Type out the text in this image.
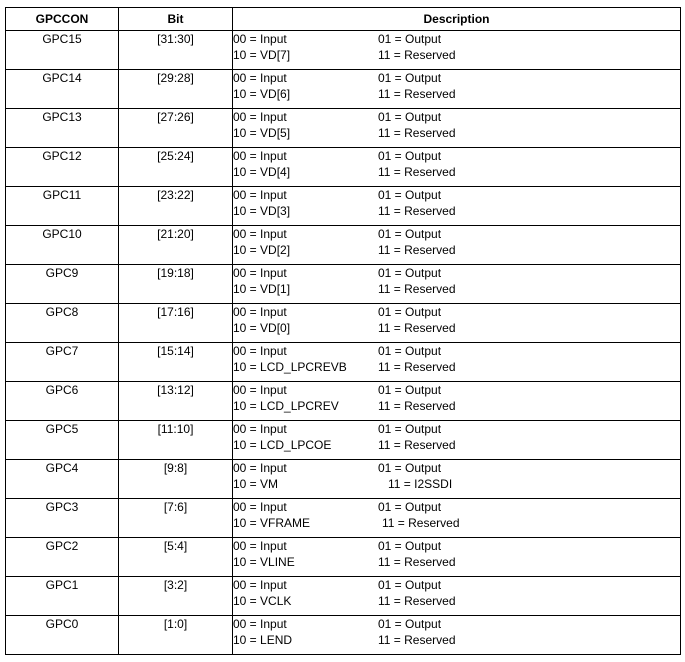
GPCCON	Bit	Description
GPC15	[31:30]	00 = Input 01 = Output
10 = VD[7] 11 = Reserved

GPC14	[29:28]	00 = Input 01 = Output
10 = VD[6] 11 = Reserved

GPC13	[27:26]	00 = Input 01 = Output
10 = VD[5] 11 = Reserved

GPC12	[25:24]	00 = Input 01 = Output
10 = VD[4] 11 = Reserved

GPC11	[23:22]	00 = Input 01 = Output
10 = VD[3] 11 = Reserved

GPC10	[21:20]	00 = Input 01 = Output
10 = VD[2] 11 = Reserved

GPC9	[19:18]	00 = Input 01 = Output
10 = VD[1] 11 = Reserved

GPC8	[17:16]	00 = Input 01 = Output
10 = VD[0] 11 = Reserved

GPC7	[15:14]	00 = Input 01 = Output
10 = LCD_LPCREVB 11 = Reserved

GPC6	[13:12]	00 = Input 01 = Output
10 = LCD_LPCREV 11 = Reserved

GPC5	[11:10]	00 = Input 01 = Output
10 = LCD_LPCOE 11 = Reserved

GPC4	[9:8]	00 = Input 01 = Output
10 = VM 11 = I2SSDI

GPC3	[7:6]	00 = Input 01 = Output
10 = VFRAME 11 = Reserved

GPC2	[5:4]	00 = Input 01 = Output
10 = VLINE 11 = Reserved

GPC1	[3:2]	00 = Input 01 = Output
10 = VCLK 11 = Reserved

GPC0	[1:0]	00 = Input 01 = Output
10 = LEND 11 = Reserved
